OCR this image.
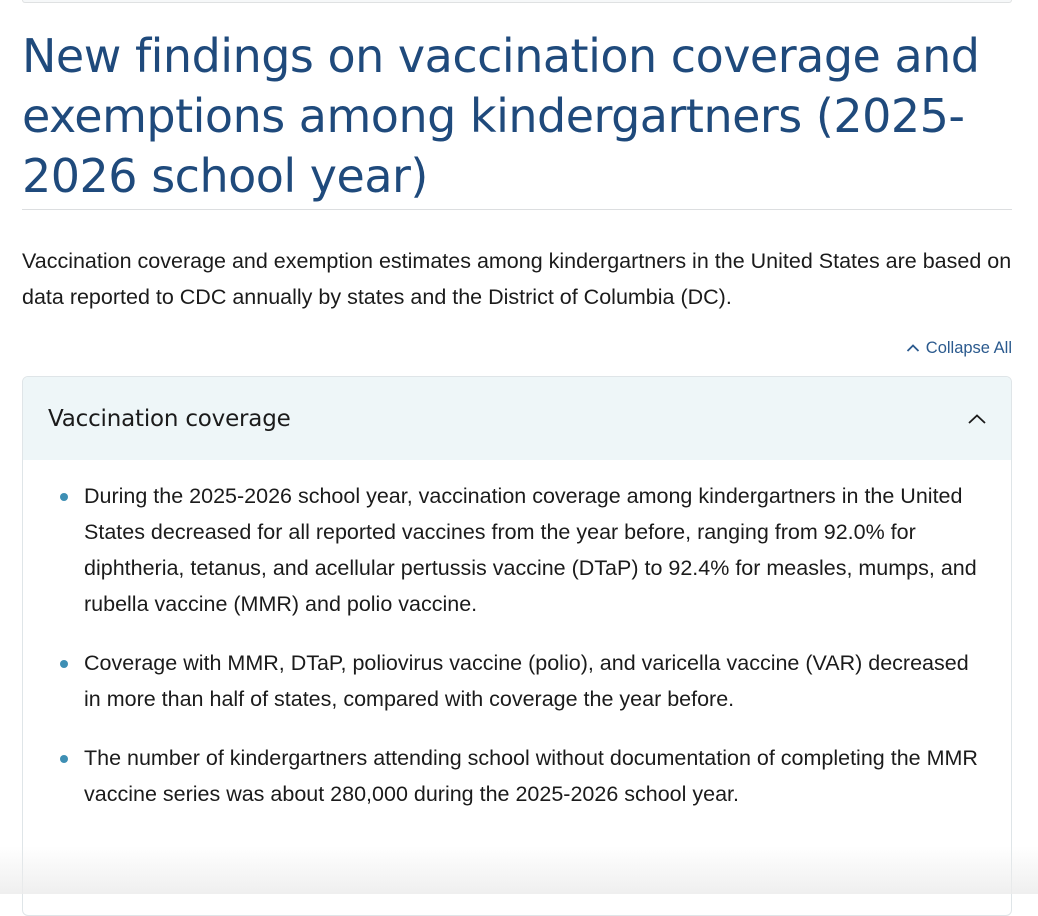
New findings on vaccination coverage and exemptions among kindergartners (2025-2026 school year)

Vaccination coverage and exemption estimates among kindergartners in the United States are based on data reported to CDC annually by states and the District of Columbia (DC).

Collapse All
Vaccination coverage
During the 2025-2026 school year, vaccination coverage among kindergartners in the United States decreased for all reported vaccines from the year before, ranging from 92.0% for diphtheria, tetanus, and acellular pertussis vaccine (DTaP) to 92.4% for measles, mumps, and rubella vaccine (MMR) and polio vaccine.
Coverage with MMR, DTaP, poliovirus vaccine (polio), and varicella vaccine (VAR) decreased in more than half of states, compared with coverage the year before.
The number of kindergartners attending school without documentation of completing the MMR vaccine series was about 280,000 during the 2025-2026 school year.
